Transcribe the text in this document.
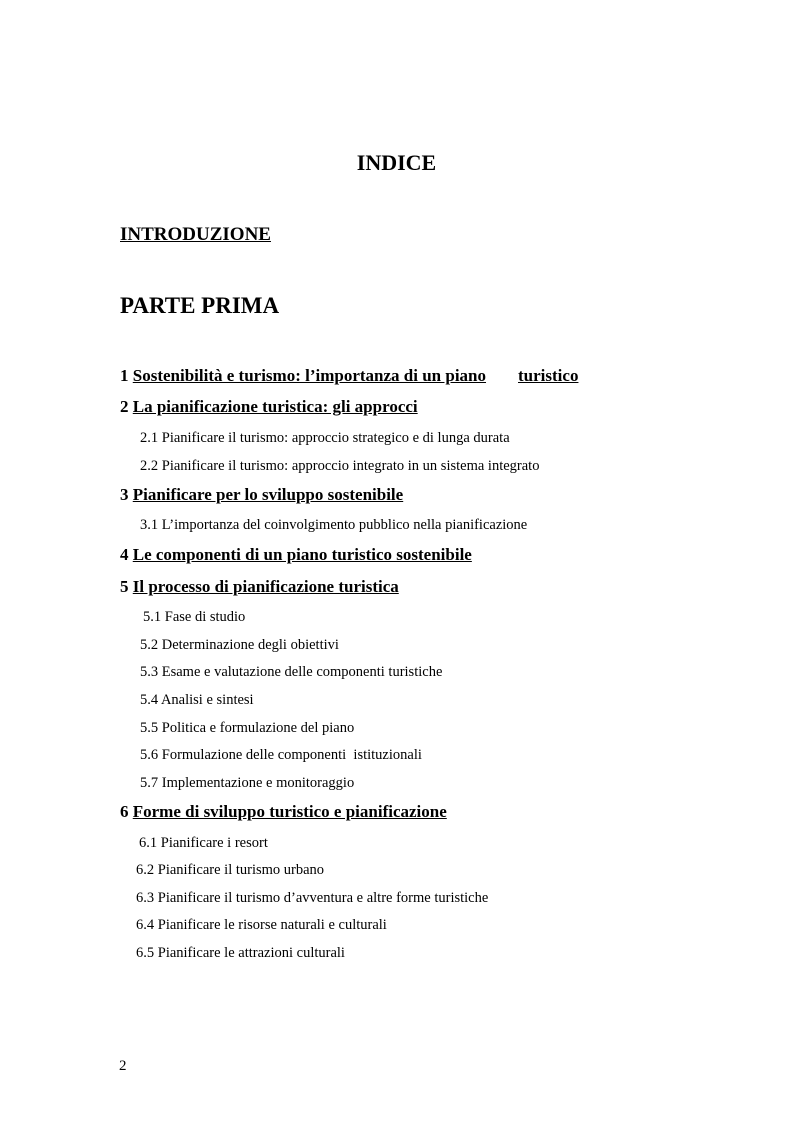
INDICE
INTRODUZIONE
PARTE PRIMA
1 Sostenibilità e turismo: l’importanza di un piano turistico
2 La pianificazione turistica: gli approcci
2.1 Pianificare il turismo: approccio strategico e di lunga durata
2.2 Pianificare il turismo: approccio integrato in un sistema integrato
3 Pianificare per lo sviluppo sostenibile
3.1 L’importanza del coinvolgimento pubblico nella pianificazione
4 Le componenti di un piano turistico sostenibile
5 Il processo di pianificazione turistica
5.1 Fase di studio
5.2 Determinazione degli obiettivi
5.3 Esame e valutazione delle componenti turistiche
5.4 Analisi e sintesi
5.5 Politica e formulazione del piano
5.6 Formulazione delle componenti  istituzionali
5.7 Implementazione e monitoraggio
6 Forme di sviluppo turistico e pianificazione
6.1 Pianificare i resort
6.2 Pianificare il turismo urbano
6.3 Pianificare il turismo d’avventura e altre forme turistiche
6.4 Pianificare le risorse naturali e culturali
6.5 Pianificare le attrazioni culturali
2
